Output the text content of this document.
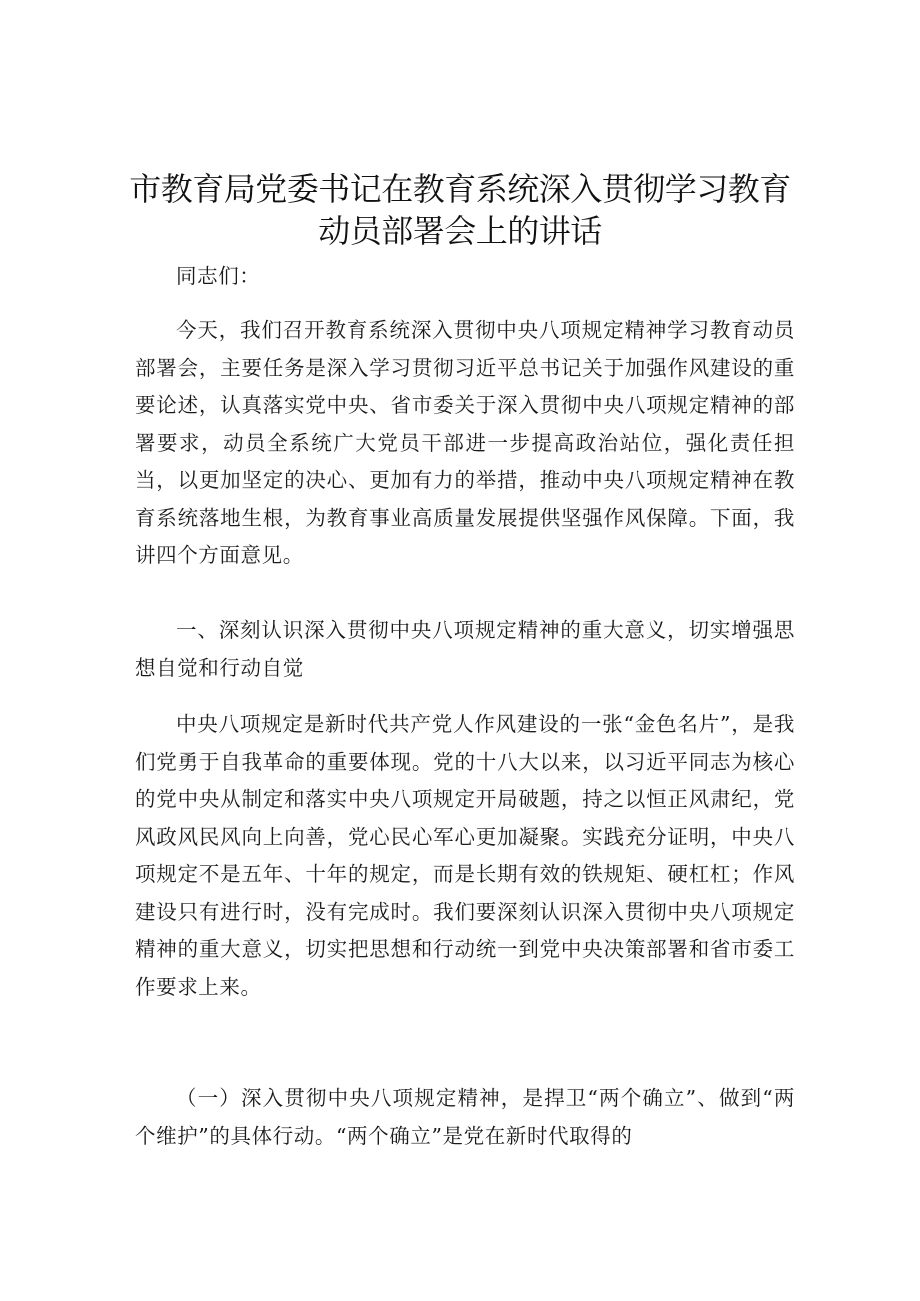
市教育局党委书记在教育系统深入贯彻学习教育动员部署会上的讲话

同志们：

今天，我们召开教育系统深入贯彻中央八项规定精神学习教育动员部署会，主要任务是深入学习贯彻习近平总书记关于加强作风建设的重要论述，认真落实党中央、省市委关于深入贯彻中央八项规定精神的部署要求，动员全系统广大党员干部进一步提高政治站位，强化责任担当，以更加坚定的决心、更加有力的举措，推动中央八项规定精神在教育系统落地生根，为教育事业高质量发展提供坚强作风保障。下面，我讲四个方面意见。

一、深刻认识深入贯彻中央八项规定精神的重大意义，切实增强思想自觉和行动自觉

中央八项规定是新时代共产党人作风建设的一张“金色名片”，是我们党勇于自我革命的重要体现。党的十八大以来，以习近平同志为核心的党中央从制定和落实中央八项规定开局破题，持之以恒正风肃纪，党风政风民风向上向善，党心民心军心更加凝聚。实践充分证明，中央八项规定不是五年、十年的规定，而是长期有效的铁规矩、硬杠杠；作风建设只有进行时，没有完成时。我们要深刻认识深入贯彻中央八项规定精神的重大意义，切实把思想和行动统一到党中央决策部署和省市委工作要求上来。

（一）深入贯彻中央八项规定精神，是捍卫“两个确立”、做到“两个维护”的具体行动。“两个确立”是党在新时代取得的
